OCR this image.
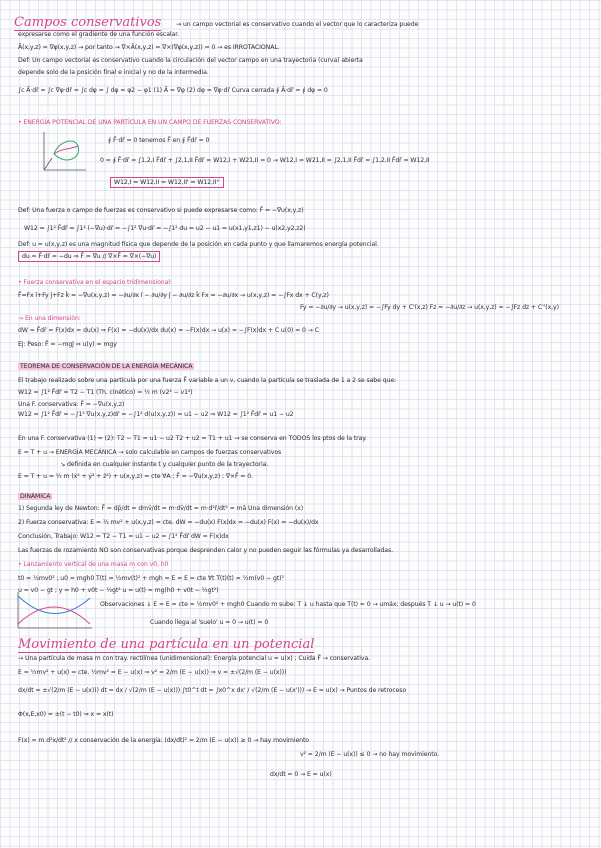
Campos conservativos → un campo vectorial es conservativo cuando el vector que lo caracteriza puede
expresarse como el gradiente de una función escalar.
Ā(x,y,z) = ∇φ(x,y,z) → por tanto → ∇×Ā(x,y,z) = ∇×(∇φ(x,y,z)) = 0 → es IRROTACIONAL.
Def: Un campo vectorial es conservativo cuando la circulación del vector campo en una trayectoria (curva) abierta
depende solo de la posición final e inicial y no de la intermedia.
∫c Ā·dr̄ = ∫c ∇φ·dr̄ = ∫c dφ = ∫ dφ = φ2 − φ1 (1) Ā = ∇φ (2) dφ = ∇φ·dr̄ Curva cerrada ∮ Ā·dr̄ = ∮ dφ = 0
• ENERGÍA POTENCIAL DE UNA PARTÍCULA EN UN CAMPO DE FUERZAS CONSERVATIVO:
∮ F̄·dr̄ = 0 tenemos F̄ en ∮ F̄dr̄ = 0
0 = ∮ F̄·dr̄ = ∫1,2,I F̄dr̄ + ∫2,1,II F̄dr̄ = W12,I + W21,II = 0 → W12,I = W21,II = ∫2,1,II F̄dr̄ = ∫1,2,II F̄dr̄ = W12,II
W12,I = W12,II = W12,II' = W12,II''
Def: Una fuerza o campo de fuerzas es conservativo si puede expresarse como: F̄ = −∇̄u(x,y,z)
W12 = ∫1² F̄dr̄ = ∫1² (−∇̄u)·dr̄ = −∫1² ∇̄u·dr̄ = −∫1² du = u2 − u1 = u(x1,y1,z1) − u(x2,y2,z2)
Def: u = u(x,y,z) es una magnitud física que depende de la posición en cada punto y que llamaremos energía potencial.
du = F̄·dr̄ = −du ⇒ F̄ = ∇̄u // ∇̄×F̄ = ∇̄×(−∇̄u)
• Fuerza conservativa en el espacio tridimensional:
F̄=Fx î+Fy ĵ+Fz k̂ = −∇̄u(x,y,z) = −∂u/∂x î − ∂u/∂y ĵ − ∂u/∂z k̂ Fx = −∂u/∂x → u(x,y,z) = −∫Fx dx + C(y,z)
Fy = −∂u/∂y → u(x,y,z) = −∫Fy dy + C'(x,z) Fz = −∂u/∂z → u(x,y,z) = −∫Fz dz + C''(x,y)
→ En una dimensión:
dW = F̄dr̄ = F(x)dx = du(x) ⇒ F(x) = −du(x)/dx du(x) = −F(x)dx → u(x) = −∫F(x)dx + C u(0) = 0 → C
Ej: Peso: F̄ = −mgĵ ⇒ u(y) = mgy
TEOREMA DE CONSERVACIÓN DE LA ENERGÍA MECÁNICA
El trabajo realizado sobre una partícula por una fuerza F̄ variable a un v, cuando la partícula se traslada de 1 a 2 se sabe que:
W12 = ∫1² F̄dr̄ = T2 − T1 (Th. cinético) = ½ m (v2² − v1²)
Una F. conservativa: F̄ = −∇̄u(x,y,z)
W12 = ∫1² F̄dr̄ = −∫1² ∇̄u(x,y,z)dr̄ = −∫1² d(u(x,y,z)) = u1 − u2 ⇒ W12 = ∫1² F̄dr̄ = u1 − u2
En una F. conservativa (1) = (2): T2 − T1 = u1 − u2 T2 + u2 = T1 + u1 → se conserva en TODOS los ptos de la tray.
E = T + u → ENERGÍA MECÁNICA → solo calculable en campos de fuerzas conservativos
↘ definida en cualquier instante t y cualquier punto de la trayectoria.
E = T + u = ½ m (ẋ² + ẏ² + ż²) + u(x,y,z) = cte ∀A ; F̄ = −∇̄u(x,y,z) ; ∇̄×F̄ = 0.
DINÁMICA
1) Segunda ley de Newton: F̄ = dp̄/dt = dmv̄/dt = m·dv̄/dt = m·d²r̄/dt² = mā Una dimensión (x)
2) Fuerza conservativa: E = ½ mv² + u(x,y,z) = cte. dW = −du(x) F(x)dx = −du(x) F(x) = −du(x)/dx
Conclusión, Trabajo: W12 = T2 − T1 = u1 − u2 = ∫1² F̄dr̄ dW = F(x)dx
Las fuerzas de rozamiento NO son conservativas porque desprenden calor y no pueden seguir las fórmulas ya desarrolladas.
• Lanzamiento vertical de una masa m con v0, h0
t0 = ½mv0² ; u0 = mgh0 T(t) = ½mv(t)² + mgh = E = E = cte ∀t T(t)(t) = ½m(v0 − gt)²
u = v0 − gt ; y = h0 + v0t − ½gt² u = u(t) = mg(h0 + v0t − ½gt²)
Observaciones ↓ E = E = cte = ½mv0² + mgh0 Cuando m sube: T ↓ u hasta que T(t) = 0 → umáx; después T ↓ u → u(t) = 0
Cuando llega al 'suelo' u = 0 → u(t) = 0
Movimiento de una partícula en un potencial
→ Una partícula de masa m con tray. rectilínea (unidimensional): Energía potencial u = u(x) ; Cuida F̄ → conservativa.
E = ½mv² + u(x) = cte. ½mv² = E − u(x) ⇒ v² = 2/m (E − u(x)) ⇒ v = ±√(2/m (E − u(x)))
dx/dt = ±√(2/m (E − u(x))) dt = dx / √(2/m (E − u(x))) ∫t0^t dt = ∫x0^x dx' / √(2/m (E − u(x'))) → E = u(x) → Puntos de retroceso
Φ(x,E,x0) = ±(t − t0) ⇒ x = x(t)
F(x) = m d²x/dt² // x conservación de la energía: (dx/dt)² = 2/m (E − u(x)) ≥ 0 → hay movimiento
v² = 2/m (E − u(x)) ≤ 0 → no hay movimiento.
dx/dt = 0 → E = u(x)
